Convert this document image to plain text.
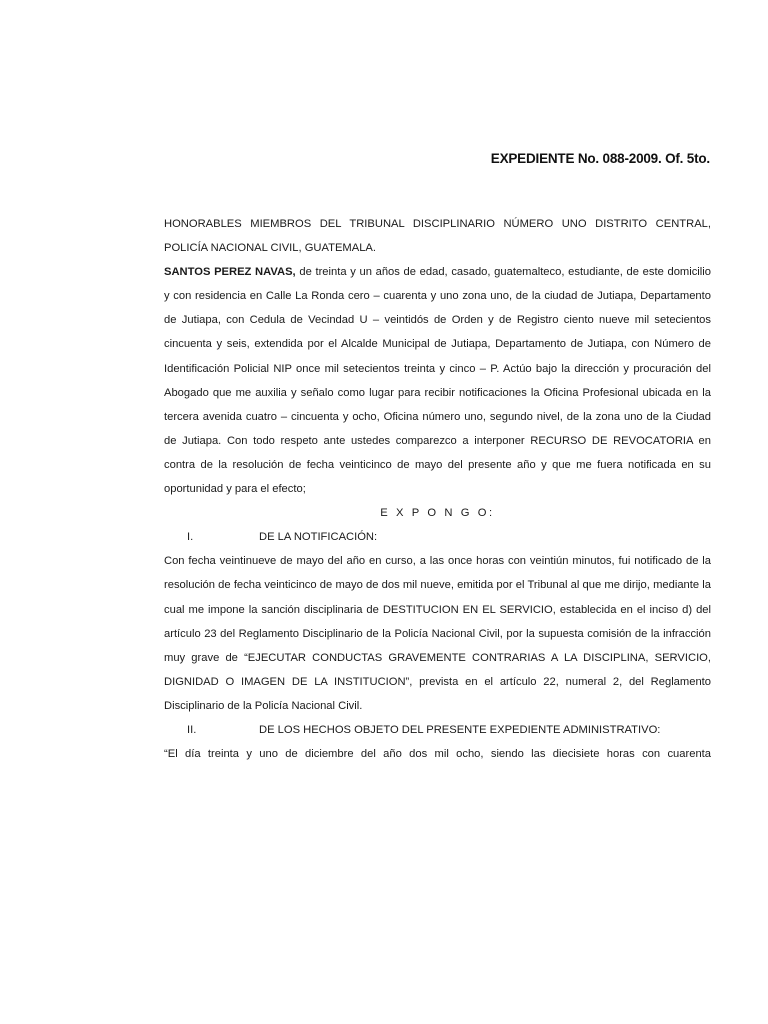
EXPEDIENTE No. 088-2009. Of. 5to.

HONORABLES MIEMBROS DEL TRIBUNAL DISCIPLINARIO NÚMERO UNO DISTRITO CENTRAL,
POLICÍA NACIONAL CIVIL, GUATEMALA.

SANTOS PEREZ NAVAS, de treinta y un años de edad, casado, guatemalteco, estudiante, de este domicilio y con residencia en Calle La Ronda cero – cuarenta y uno zona uno, de la ciudad de Jutiapa, Departamento de Jutiapa, con Cedula de Vecindad U – veintidós de Orden y de Registro ciento nueve mil setecientos cincuenta y seis, extendida por el Alcalde Municipal de Jutiapa, Departamento de Jutiapa, con Número de Identificación Policial NIP once mil setecientos treinta y cinco – P. Actúo bajo la dirección y procuración del Abogado que me auxilia y señalo como lugar para recibir notificaciones la Oficina Profesional ubicada en la tercera avenida cuatro – cincuenta y ocho, Oficina número uno, segundo nivel, de la zona uno de la Ciudad de Jutiapa. Con todo respeto ante ustedes comparezco a interponer RECURSO DE REVOCATORIA en contra de la resolución de fecha veinticinco de mayo del presente año y que me fuera notificada en su oportunidad y para el efecto;

E X P O N G O:

I.	DE LA NOTIFICACIÓN:

Con fecha veintinueve de mayo del año en curso, a las once horas con veintiún minutos, fui notificado de la resolución de fecha veinticinco de mayo de dos mil nueve, emitida por el Tribunal al que me dirijo, mediante la cual me impone la sanción disciplinaria de DESTITUCION EN EL SERVICIO, establecida en el inciso d) del artículo 23 del Reglamento Disciplinario de la Policía Nacional Civil, por la supuesta comisión de la infracción muy grave de “EJECUTAR CONDUCTAS GRAVEMENTE CONTRARIAS A LA DISCIPLINA, SERVICIO, DIGNIDAD O IMAGEN DE LA INSTITUCION”, prevista en el artículo 22, numeral 2, del Reglamento Disciplinario de la Policía Nacional Civil.

II.	DE LOS HECHOS OBJETO DEL PRESENTE EXPEDIENTE ADMINISTRATIVO:

“El día treinta y uno de diciembre del año dos mil ocho, siendo las diecisiete horas con cuarenta
